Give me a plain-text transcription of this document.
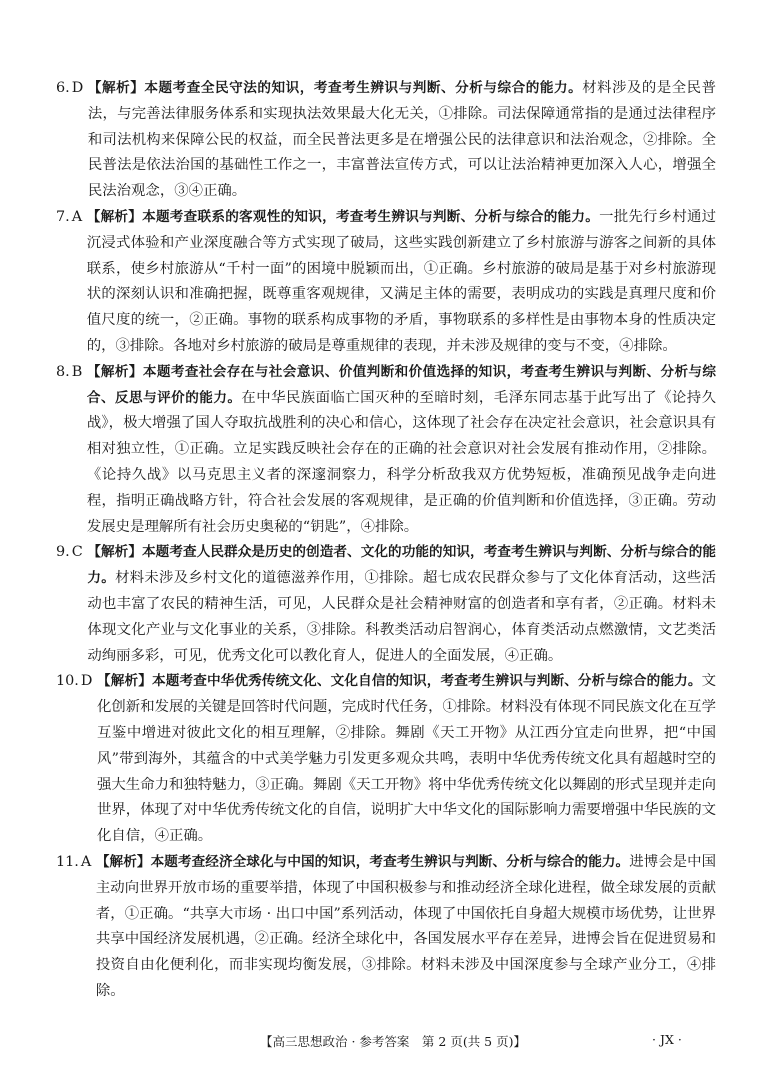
6. D 【解析】本题考查全民守法的知识，考查考生辨识与判断、分析与综合的能力。材料涉及的是全民普法，与完善法律服务体系和实现执法效果最大化无关，①排除。司法保障通常指的是通过法律程序和司法机构来保障公民的权益，而全民普法更多是在增强公民的法律意识和法治观念，②排除。全民普法是依法治国的基础性工作之一，丰富普法宣传方式，可以让法治精神更加深入人心，增强全民法治观念，③④正确。
7. A 【解析】本题考查联系的客观性的知识，考查考生辨识与判断、分析与综合的能力。一批先行乡村通过沉浸式体验和产业深度融合等方式实现了破局，这些实践创新建立了乡村旅游与游客之间新的具体联系，使乡村旅游从“千村一面”的困境中脱颖而出，①正确。乡村旅游的破局是基于对乡村旅游现状的深刻认识和准确把握，既尊重客观规律，又满足主体的需要，表明成功的实践是真理尺度和价值尺度的统一，②正确。事物的联系构成事物的矛盾，事物联系的多样性是由事物本身的性质决定的，③排除。各地对乡村旅游的破局是尊重规律的表现，并未涉及规律的变与不变，④排除。
8. B 【解析】本题考查社会存在与社会意识、价值判断和价值选择的知识，考查考生辨识与判断、分析与综合、反思与评价的能力。在中华民族面临亡国灭种的至暗时刻，毛泽东同志基于此写出了《论持久战》，极大增强了国人夺取抗战胜利的决心和信心，这体现了社会存在决定社会意识，社会意识具有相对独立性，①正确。立足实践反映社会存在的正确的社会意识对社会发展有推动作用，②排除。《论持久战》以马克思主义者的深邃洞察力，科学分析敌我双方优势短板，准确预见战争走向进程，指明正确战略方针，符合社会发展的客观规律，是正确的价值判断和价值选择，③正确。劳动发展史是理解所有社会历史奥秘的“钥匙”，④排除。
9. C 【解析】本题考查人民群众是历史的创造者、文化的功能的知识，考查考生辨识与判断、分析与综合的能力。材料未涉及乡村文化的道德滋养作用，①排除。超七成农民群众参与了文化体育活动，这些活动也丰富了农民的精神生活，可见，人民群众是社会精神财富的创造者和享有者，②正确。材料未体现文化产业与文化事业的关系，③排除。科教类活动启智润心，体育类活动点燃激情，文艺类活动绚丽多彩，可见，优秀文化可以教化育人，促进人的全面发展，④正确。
10. D 【解析】本题考查中华优秀传统文化、文化自信的知识，考查考生辨识与判断、分析与综合的能力。文化创新和发展的关键是回答时代问题，完成时代任务，①排除。材料没有体现不同民族文化在互学互鉴中增进对彼此文化的相互理解，②排除。舞剧《天工开物》从江西分宜走向世界，把“中国风”带到海外，其蕴含的中式美学魅力引发更多观众共鸣，表明中华优秀传统文化具有超越时空的强大生命力和独特魅力，③正确。舞剧《天工开物》将中华优秀传统文化以舞剧的形式呈现并走向世界，体现了对中华优秀传统文化的自信，说明扩大中华文化的国际影响力需要增强中华民族的文化自信，④正确。
11. A 【解析】本题考查经济全球化与中国的知识，考查考生辨识与判断、分析与综合的能力。进博会是中国主动向世界开放市场的重要举措，体现了中国积极参与和推动经济全球化进程，做全球发展的贡献者，①正确。“共享大市场 · 出口中国”系列活动，体现了中国依托自身超大规模市场优势，让世界共享中国经济发展机遇，②正确。经济全球化中，各国发展水平存在差异，进博会旨在促进贸易和投资自由化便利化，而非实现均衡发展，③排除。材料未涉及中国深度参与全球产业分工，④排除。
【高三思想政治 · 参考答案　第 2 页(共 5 页)】	· JX ·
